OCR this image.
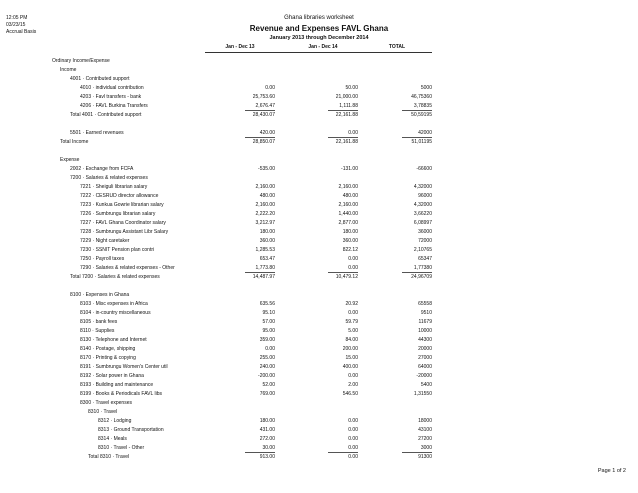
12:05 PM
03/23/15
Accrual Basis
Ghana libraries worksheet
Revenue and Expenses FAVL Ghana
January 2013 through December 2014
Jan - Dec 13	Jan - Dec 14	TOTAL
Ordinary Income/Expense
Income
4001 · Contributed support
4010 · individual contribution	0.00	50.00	5000
4203 · Favl transfers - bank	25,753.60	21,000.00	46,75360
4206 · FAVL Burkina Transfers	2,676.47	1,111.88	3,78835
Total 4001 · Contributed support	28,430.07	22,161.88	50,59195
5501 · Earned revenues	420.00	0.00	42000
Total Income	28,850.07	22,161.88	51,01195
Expense
2002 · Exchange from FCFA	-535.00	-131.00	-66600
7200 · Salaries & related expenses
7221 · Sheiguli librarian salary	2,160.00	2,160.00	4,32000
7222 · CESRUD director allowance	480.00	480.00	96000
7223 · Kunkua Gowrie librarian salary	2,160.00	2,160.00	4,32000
7226 · Sumbrungu librarian salary	2,222.20	1,440.00	3,66220
7227 · FAVL Ghana Coordinator salary	3,212.97	2,877.00	6,08997
7228 · Sumbrungu Assistant Libr Salary	180.00	180.00	36000
7229 · Night caretaker	360.00	360.00	72000
7230 · SSNIT Pension plan contri	1,285.53	822.12	2,10765
7250 · Payroll taxes	653.47	0.00	65347
7290 · Salaries & related expenses - Other	1,773.80	0.00	1,77380
Total 7200 · Salaries & related expenses	14,487.97	10,479.12	24,96709
8100 · Expenses in Ghana
8103 · Misc expenses in Africa	635.56	20.92	65558
8104 · in-country miscellaneous	95.10	0.00	9510
8105 · bank fees	57.00	59.79	11679
8110 · Supplies	95.00	5.00	10000
8130 · Telephone and Internet	359.00	84.00	44300
8140 · Postage, shipping	0.00	200.00	20000
8170 · Printing & copying	255.00	15.00	27000
8191 · Sumbrungu Women's Center util	240.00	400.00	64000
8192 · Solar power in Ghana	-200.00	0.00	-20000
8193 · Building and maintenance	52.00	2.00	5400
8199 · Books & Periodicals FAVL libs	769.00	546.50	1,31550
8300 · Travel expenses
8310 · Travel
8312 · Lodging	180.00	0.00	18000
8313 · Ground Transportation	431.00	0.00	43100
8314 · Meals	272.00	0.00	27200
8310 · Travel - Other	30.00	0.00	3000
Total 8310 · Travel	913.00	0.00	91300
Page 1 of 2
